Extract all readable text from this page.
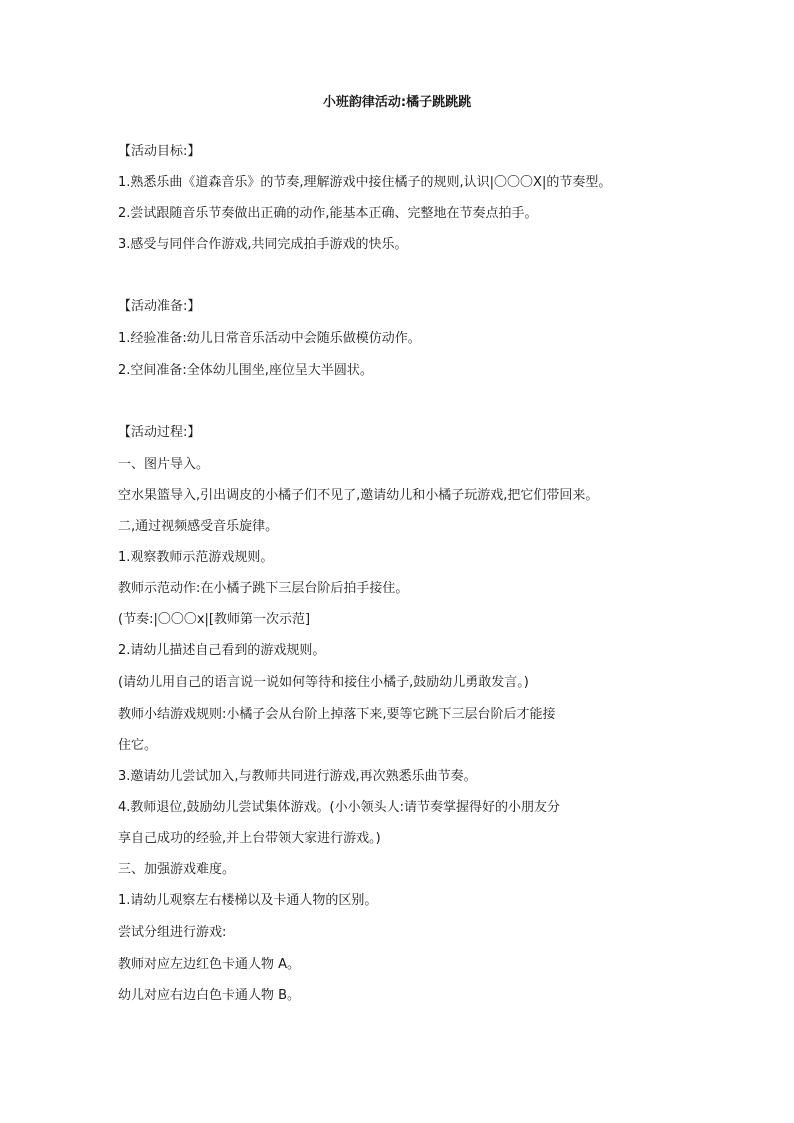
小班韵律活动:橘子跳跳跳
【活动目标:】
1.熟悉乐曲《道森音乐》的节奏,理解游戏中接住橘子的规则,认识|〇〇〇X|的节奏型。
2.尝试跟随音乐节奏做出正确的动作,能基本正确、完整地在节奏点拍手。
3.感受与同伴合作游戏,共同完成拍手游戏的快乐。
【活动准备:】
1.经验准备:幼儿日常音乐活动中会随乐做模仿动作。
2.空间准备:全体幼儿围坐,座位呈大半圆状。
【活动过程:】
一、图片导入。
空水果篮导入,引出调皮的小橘子们不见了,邀请幼儿和小橘子玩游戏,把它们带回来。
二,通过视频感受音乐旋律。
1.观察教师示范游戏规则。
教师示范动作:在小橘子跳下三层台阶后拍手接住。
(节奏:|〇〇〇x|[教师第一次示范]
2.请幼儿描述自己看到的游戏规则。
(请幼儿用自己的语言说一说如何等待和接住小橘子,鼓励幼儿勇敢发言。)
教师小结游戏规则:小橘子会从台阶上掉落下来,要等它跳下三层台阶后才能接
住它。
3.邀请幼儿尝试加入,与教师共同进行游戏,再次熟悉乐曲节奏。
4.教师退位,鼓励幼儿尝试集体游戏。(小小领头人:请节奏掌握得好的小朋友分
享自己成功的经验,并上台带领大家进行游戏。)
三、加强游戏难度。
1.请幼儿观察左右楼梯以及卡通人物的区别。
尝试分组进行游戏:
教师对应左边红色卡通人物 A。
幼儿对应右边白色卡通人物 B。
